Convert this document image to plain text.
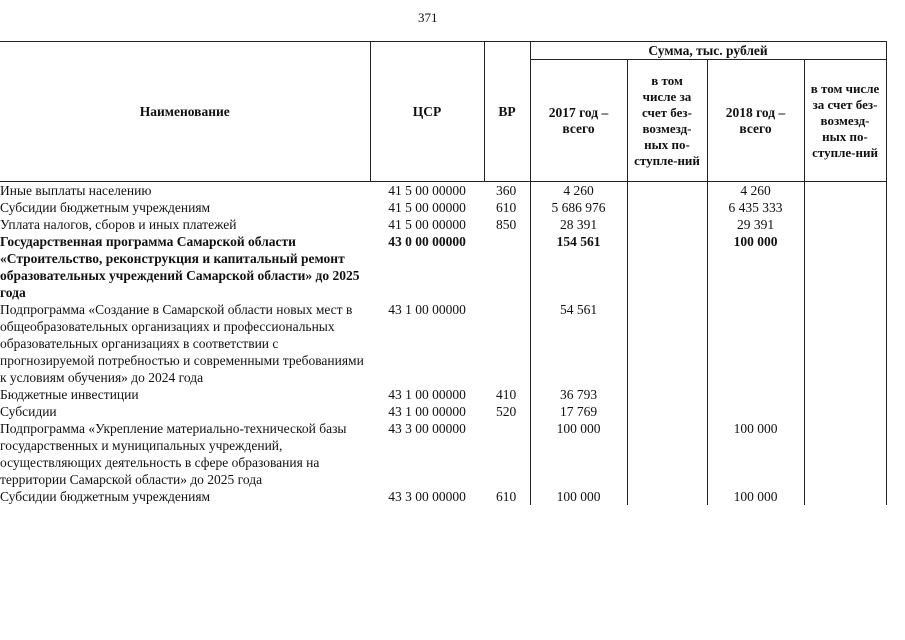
371
Наименование	ЦСР	ВР	Сумма, тыс. рублей			
			2017 год – всего	в том числе за счет без-возмезд-ных по-ступле-ний	2018 год – всего	в том числе за счет без-возмезд-ных по-ступле-ний
Иные выплаты населению	41 5 00 00000	360	4 260		4 260	
Субсидии бюджетным учреждениям	41 5 00 00000	610	5 686 976		6 435 333	
Уплата налогов, сборов и иных платежей	41 5 00 00000	850	28 391		29 391	
Государственная программа Самарской области «Строительство, реконструкция и капитальный ремонт образовательных учреждений Самарской области» до 2025 года	43 0 00 00000		154 561		100 000	
Подпрограмма «Создание в Самарской области новых мест в общеобразовательных организациях и профессиональных образовательных организациях в соответствии с прогнозируемой потребностью и современными требованиями к условиям обучения» до 2024 года	43 1 00 00000		54 561			
Бюджетные инвестиции	43 1 00 00000	410	36 793			
Субсидии	43 1 00 00000	520	17 769			
Подпрограмма «Укрепление материально-технической базы государственных и муниципальных учреждений, осуществляющих деятельность в сфере образования на территории Самарской области» до 2025 года	43 3 00 00000		100 000		100 000	
Субсидии бюджетным учреждениям	43 3 00 00000	610	100 000		100 000	
